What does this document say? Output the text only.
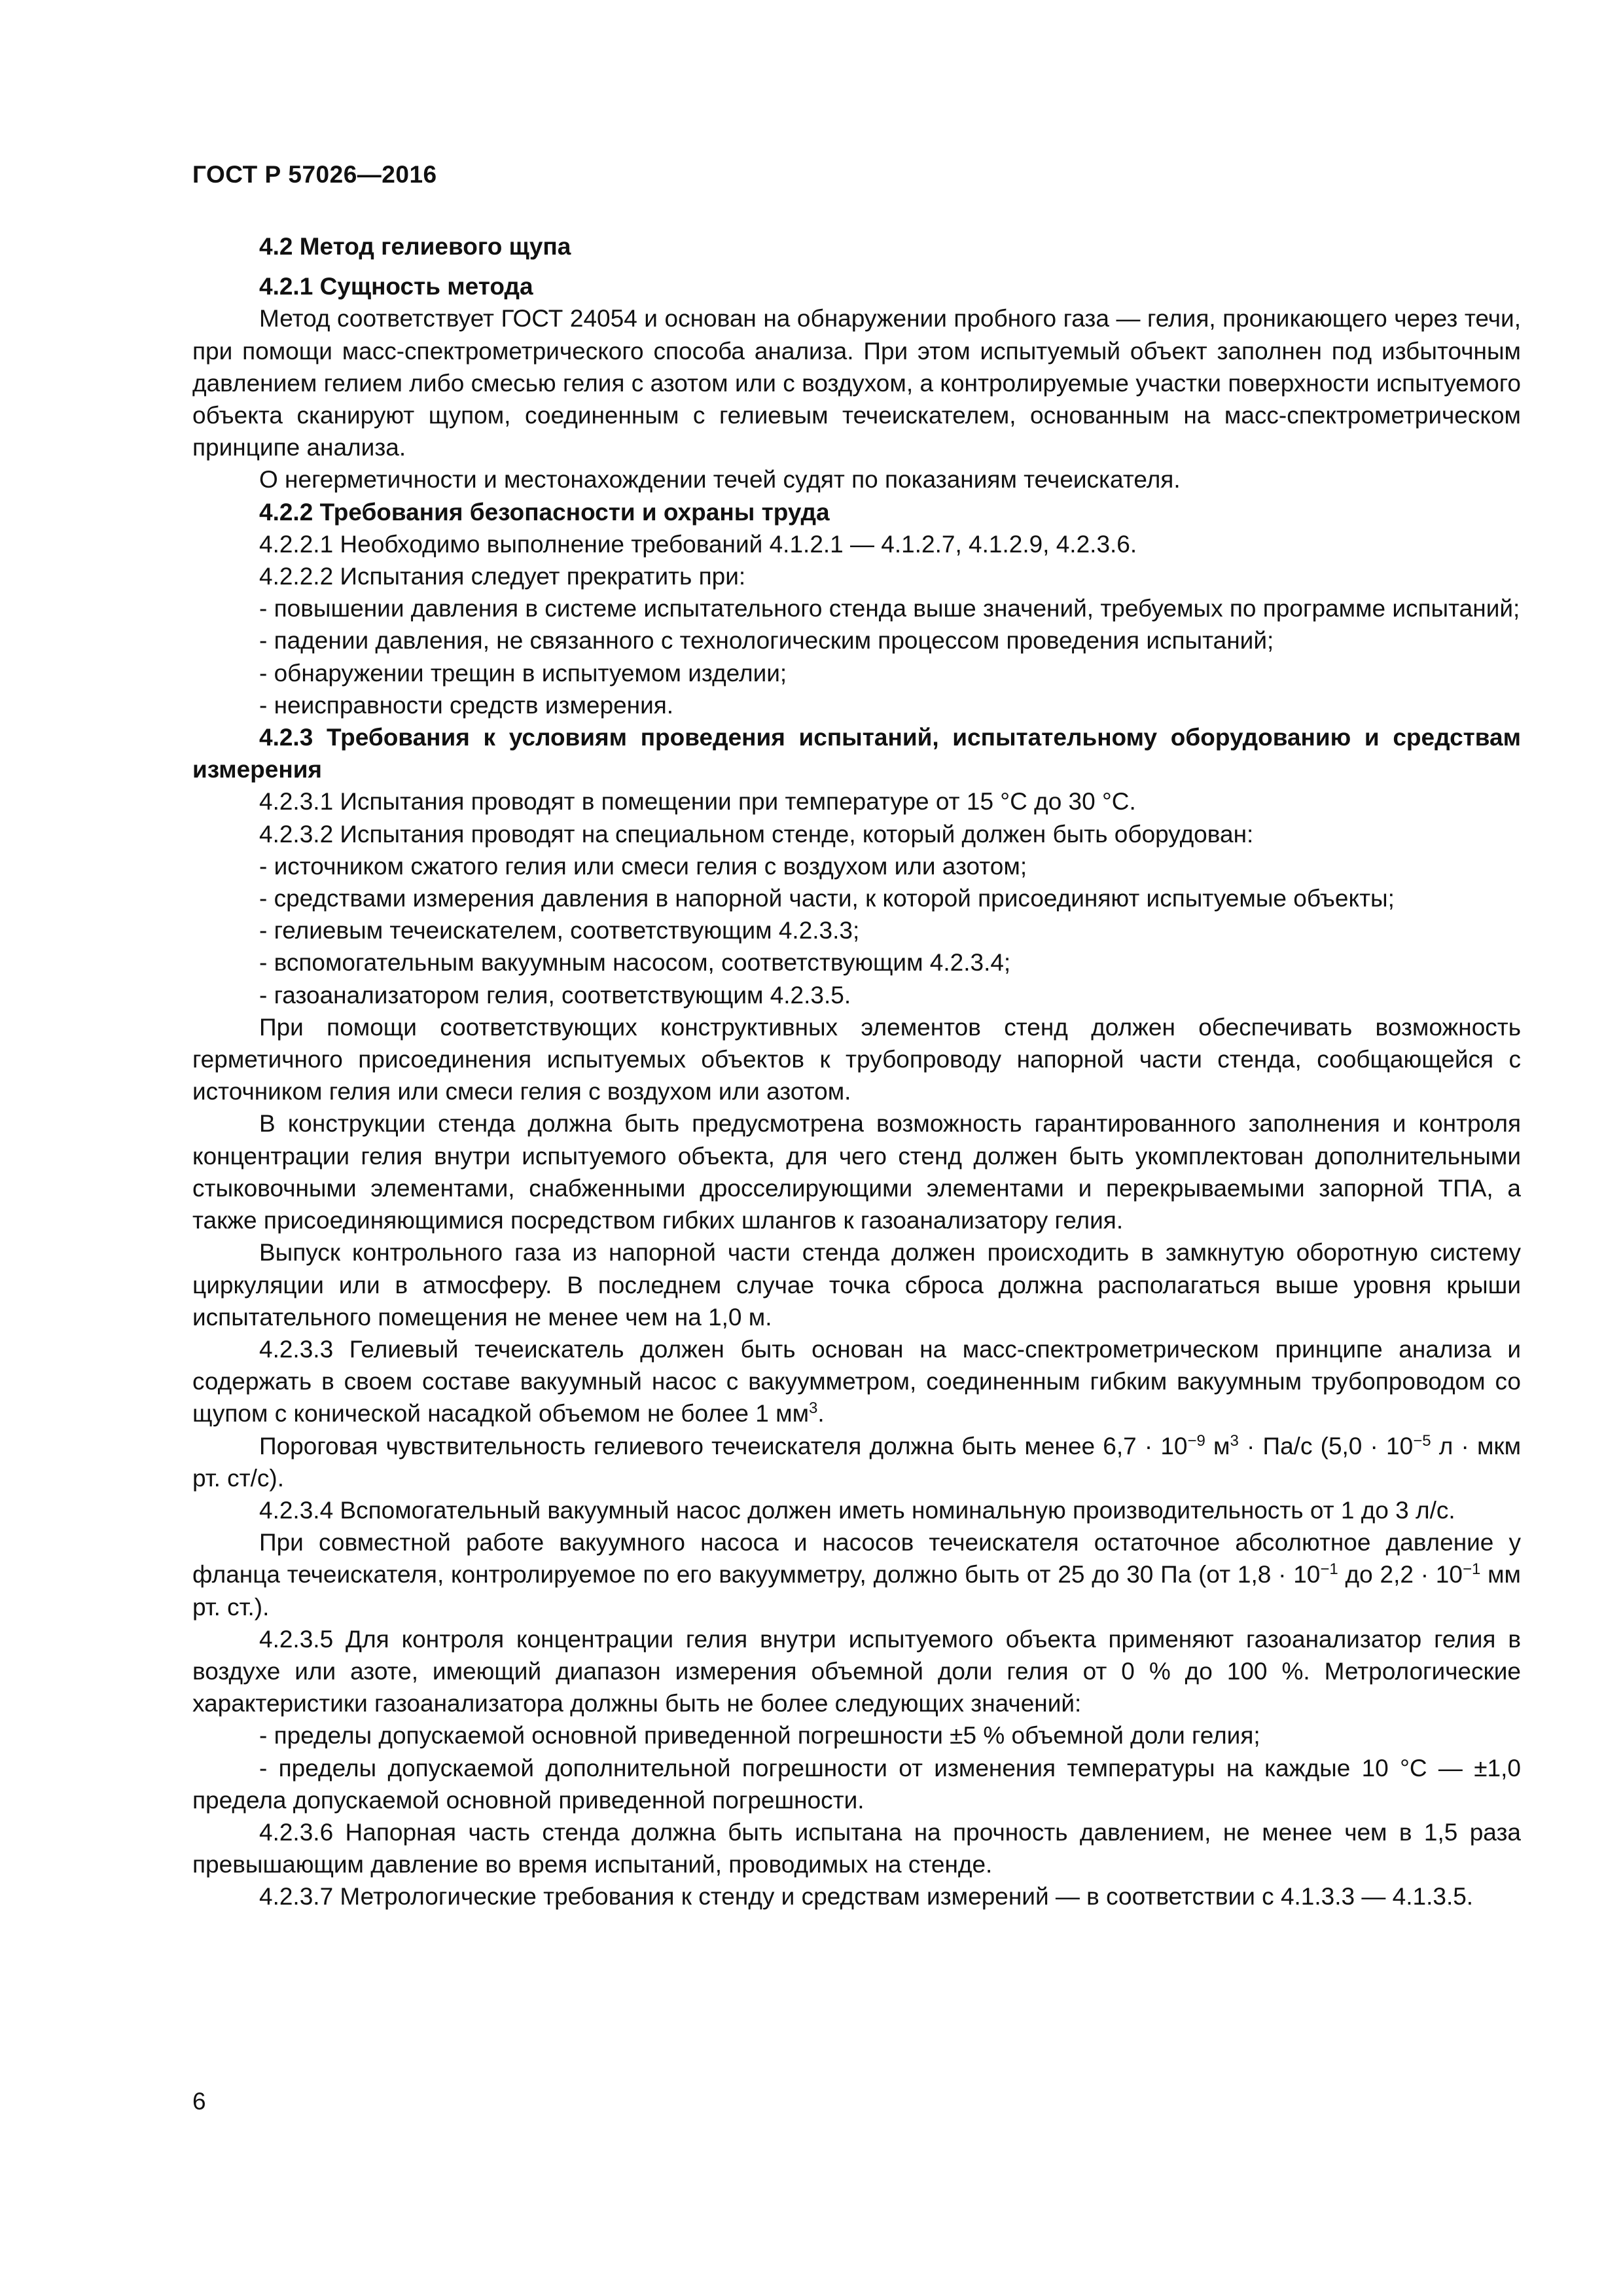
ГОСТ Р 57026—2016

4.2 Метод гелиевого щупа

4.2.1 Сущность метода

Метод соответствует ГОСТ 24054 и основан на обнаружении пробного газа — гелия, проникающего через течи, при помощи масс-спектрометрического способа анализа. При этом испытуемый объект заполнен под избыточным давлением гелием либо смесью гелия с азотом или с воздухом, а контролируемые участки поверхности испытуемого объекта сканируют щупом, соединенным с гелиевым течеискателем, основанным на масс-спектрометрическом принципе анализа.

О негерметичности и местонахождении течей судят по показаниям течеискателя.

4.2.2 Требования безопасности и охраны труда

4.2.2.1 Необходимо выполнение требований 4.1.2.1 — 4.1.2.7, 4.1.2.9, 4.2.3.6.

4.2.2.2 Испытания следует прекратить при:

- повышении давления в системе испытательного стенда выше значений, требуемых по программе испытаний;

- падении давления, не связанного с технологическим процессом проведения испытаний;

- обнаружении трещин в испытуемом изделии;

- неисправности средств измерения.

4.2.3 Требования к условиям проведения испытаний, испытательному оборудованию и средствам измерения

4.2.3.1 Испытания проводят в помещении при температуре от 15 °С до 30 °С.

4.2.3.2 Испытания проводят на специальном стенде, который должен быть оборудован:

- источником сжатого гелия или смеси гелия с воздухом или азотом;

- средствами измерения давления в напорной части, к которой присоединяют испытуемые объекты;

- гелиевым течеискателем, соответствующим 4.2.3.3;

- вспомогательным вакуумным насосом, соответствующим 4.2.3.4;

- газоанализатором гелия, соответствующим 4.2.3.5.

При помощи соответствующих конструктивных элементов стенд должен обеспечивать возможность герметичного присоединения испытуемых объектов к трубопроводу напорной части стенда, сообщающейся с источником гелия или смеси гелия с воздухом или азотом.

В конструкции стенда должна быть предусмотрена возможность гарантированного заполнения и контроля концентрации гелия внутри испытуемого объекта, для чего стенд должен быть укомплектован дополнительными стыковочными элементами, снабженными дросселирующими элементами и перекрываемыми запорной ТПА, а также присоединяющимися посредством гибких шлангов к газоанализатору гелия.

Выпуск контрольного газа из напорной части стенда должен происходить в замкнутую оборотную систему циркуляции или в атмосферу. В последнем случае точка сброса должна располагаться выше уровня крыши испытательного помещения не менее чем на 1,0 м.

4.2.3.3 Гелиевый течеискатель должен быть основан на масс-спектрометрическом принципе анализа и содержать в своем составе вакуумный насос с вакуумметром, соединенным гибким вакуумным трубопроводом со щупом с конической насадкой объемом не более 1 $мм^3$.

Пороговая чувствительность гелиевого течеискателя должна быть менее $6,7 \cdot 10^{-9}$ $м^3 \cdot Па/с$ ($5,0 \cdot 10^{-5}$ л · мкм рт. ст/с).

4.2.3.4 Вспомогательный вакуумный насос должен иметь номинальную производительность от 1 до 3 л/с.

При совместной работе вакуумного насоса и насосов течеискателя остаточное абсолютное давление у фланца течеискателя, контролируемое по его вакуумметру, должно быть от 25 до 30 Па (от $1,8 \cdot 10^{-1}$ до $2,2 \cdot 10^{-1}$ мм рт. ст.).

4.2.3.5 Для контроля концентрации гелия внутри испытуемого объекта применяют газоанализатор гелия в воздухе или азоте, имеющий диапазон измерения объемной доли гелия от 0 % до 100 %. Метрологические характеристики газоанализатора должны быть не более следующих значений:

- пределы допускаемой основной приведенной погрешности ±5 % объемной доли гелия;

- пределы допускаемой дополнительной погрешности от изменения температуры на каждые 10 °С — ±1,0 предела допускаемой основной приведенной погрешности.

4.2.3.6 Напорная часть стенда должна быть испытана на прочность давлением, не менее чем в 1,5 раза превышающим давление во время испытаний, проводимых на стенде.

4.2.3.7 Метрологические требования к стенду и средствам измерений — в соответствии с 4.1.3.3 — 4.1.3.5.

6
